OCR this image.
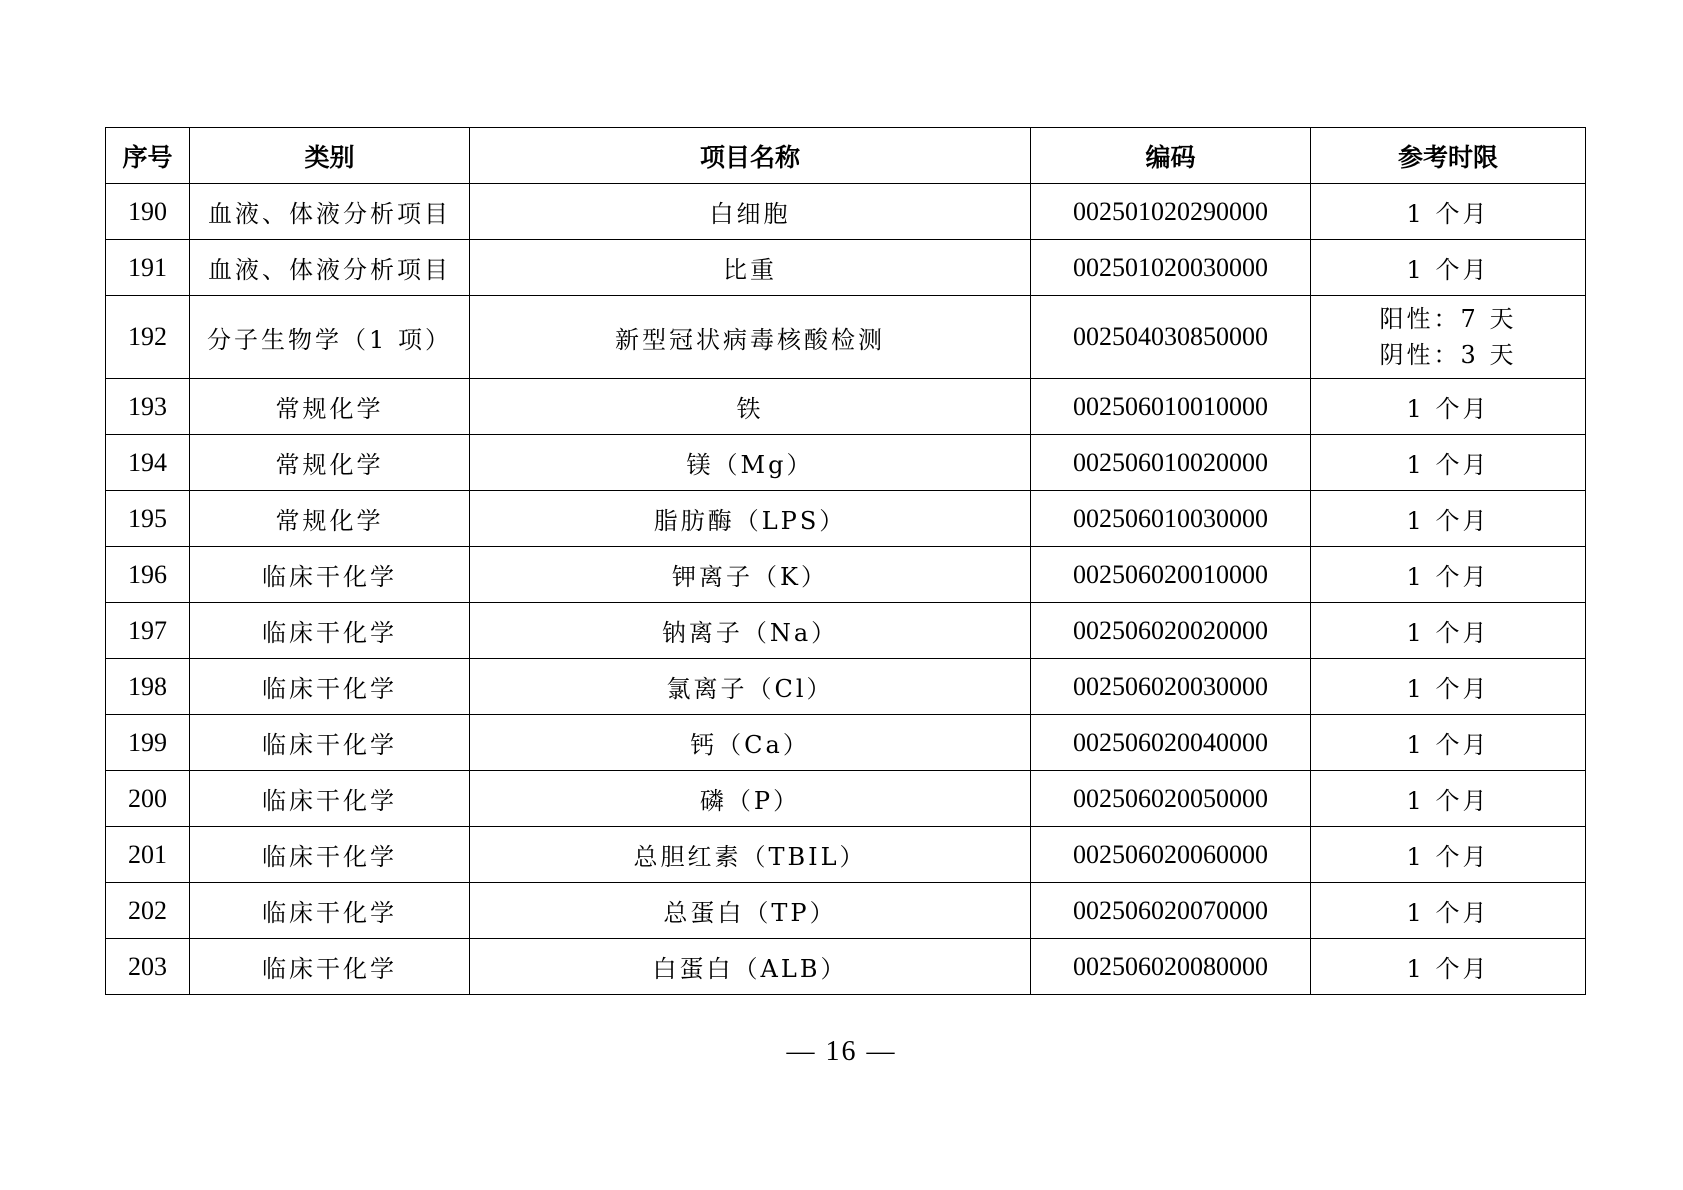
序号	类别	项目名称	编码	参考时限
190	血液、体液分析项目	白细胞	002501020290000	1 个月
191	血液、体液分析项目	比重	002501020030000	1 个月
192	分子生物学（1 项）	新型冠状病毒核酸检测	002504030850000	阳性：7 天
阴性：3 天

193	常规化学	铁	002506010010000	1 个月
194	常规化学	镁（Mg）	002506010020000	1 个月
195	常规化学	脂肪酶（LPS）	002506010030000	1 个月
196	临床干化学	钾离子（K）	002506020010000	1 个月
197	临床干化学	钠离子（Na）	002506020020000	1 个月
198	临床干化学	氯离子（Cl）	002506020030000	1 个月
199	临床干化学	钙（Ca）	002506020040000	1 个月
200	临床干化学	磷（P）	002506020050000	1 个月
201	临床干化学	总胆红素（TBIL）	002506020060000	1 个月
202	临床干化学	总蛋白（TP）	002506020070000	1 个月
203	临床干化学	白蛋白（ALB）	002506020080000	1 个月
— 16 —
